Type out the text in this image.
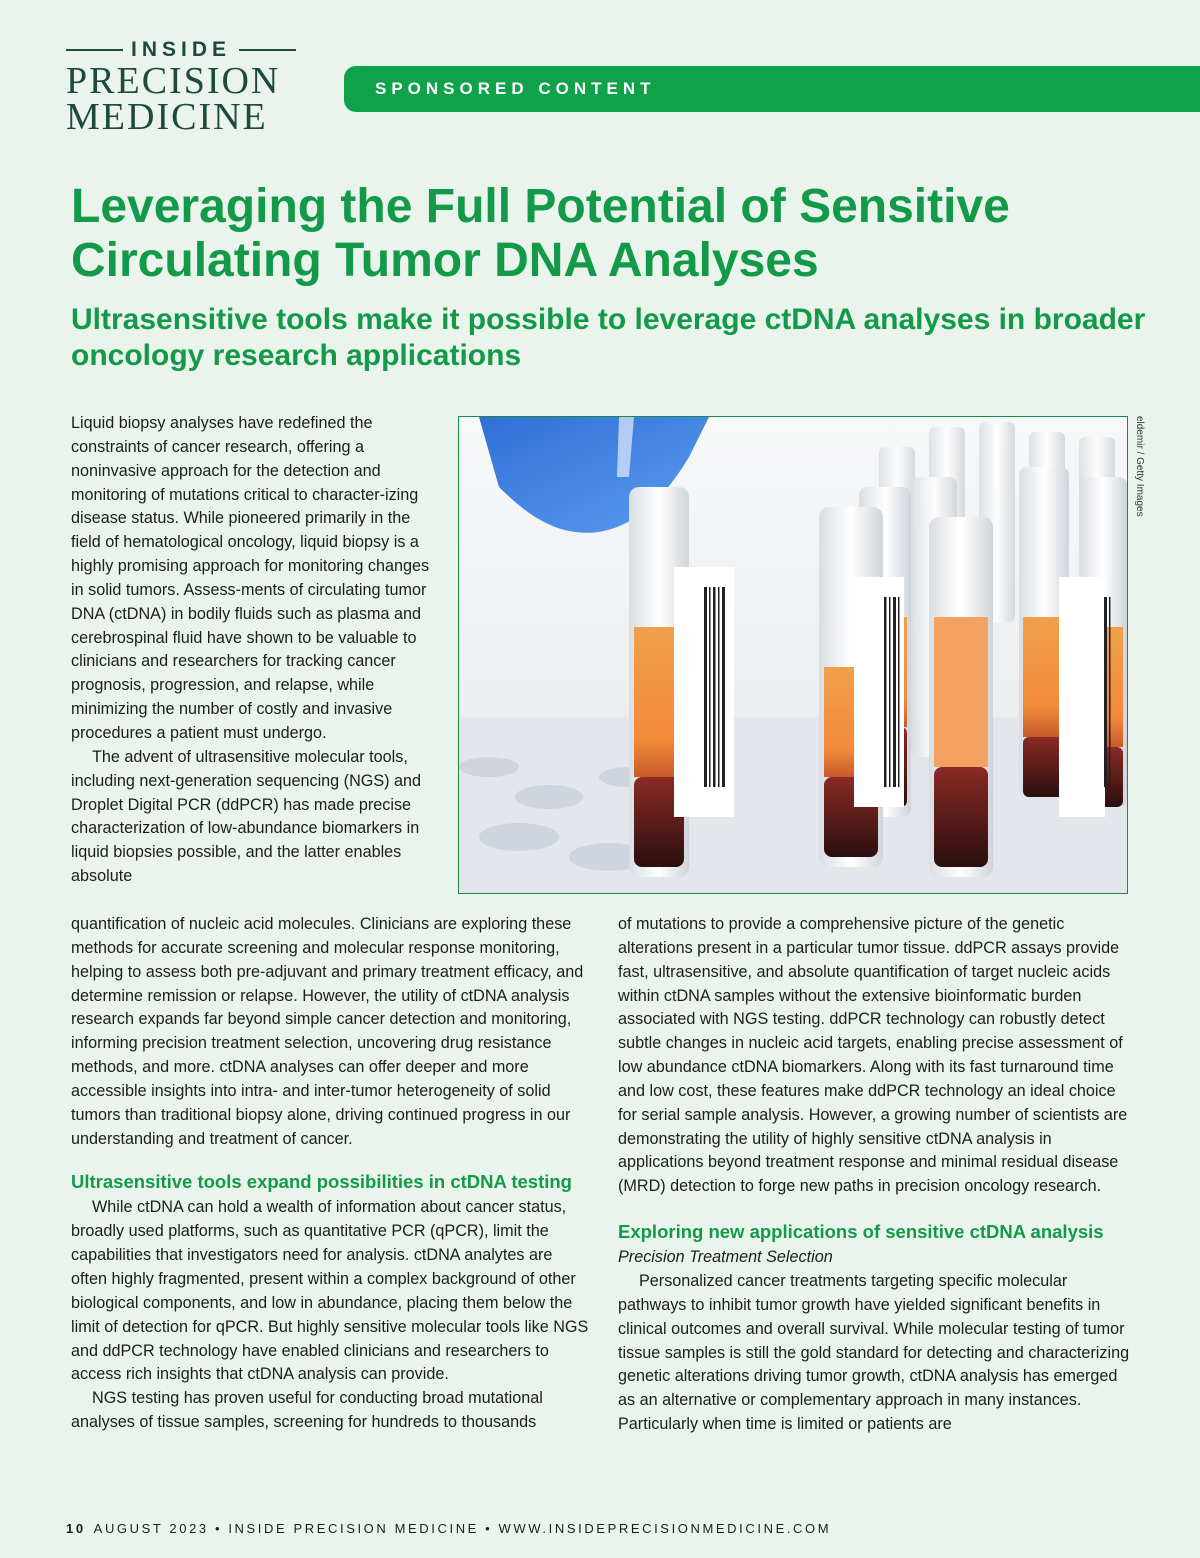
INSIDE
PRECISION
MEDICINE
SPONSORED CONTENT
Leveraging the Full Potential of Sensitive Circulating Tumor DNA Analyses
Ultrasensitive tools make it possible to leverage ctDNA analyses in broader oncology research applications
eldemir / Getty Images

Liquid biopsy analyses have redefined the constraints of cancer research, offering a noninvasive approach for the detection and monitoring of mutations critical to character-izing disease status. While pioneered primarily in the field of hematological oncology, liquid biopsy is a highly promising approach for monitoring changes in solid tumors. Assess-ments of circulating tumor DNA (ctDNA) in bodily fluids such as plasma and cerebrospinal fluid have shown to be valuable to clinicians and researchers for tracking cancer prognosis, progression, and relapse, while minimizing the number of costly and invasive procedures a patient must undergo.

The advent of ultrasensitive molecular tools, including next-generation sequencing (NGS) and Droplet Digital PCR (ddPCR) has made precise characterization of low-abundance biomarkers in liquid biopsies possible, and the latter enables absolute

quantification of nucleic acid molecules. Clinicians are exploring these methods for accurate screening and molecular response monitoring, helping to assess both pre-adjuvant and primary treatment efficacy, and determine remission or relapse. However, the utility of ctDNA analysis research expands far beyond simple cancer detection and monitoring, informing precision treatment selection, uncovering drug resistance methods, and more. ctDNA analyses can offer deeper and more accessible insights into intra- and inter-tumor heterogeneity of solid tumors than traditional biopsy alone, driving continued progress in our understanding and treatment of cancer.

Ultrasensitive tools expand possibilities in ctDNA testing

While ctDNA can hold a wealth of information about cancer status, broadly used platforms, such as quantitative PCR (qPCR), limit the capabilities that investigators need for analysis. ctDNA analytes are often highly fragmented, present within a complex background of other biological components, and low in abundance, placing them below the limit of detection for qPCR. But highly sensitive molecular tools like NGS and ddPCR technology have enabled clinicians and researchers to access rich insights that ctDNA analysis can provide.

NGS testing has proven useful for conducting broad mutational analyses of tissue samples, screening for hundreds to thousands

of mutations to provide a comprehensive picture of the genetic alterations present in a particular tumor tissue. ddPCR assays provide fast, ultrasensitive, and absolute quantification of target nucleic acids within ctDNA samples without the extensive bioinformatic burden associated with NGS testing. ddPCR technology can robustly detect subtle changes in nucleic acid targets, enabling precise assessment of low abundance ctDNA biomarkers. Along with its fast turnaround time and low cost, these features make ddPCR technology an ideal choice for serial sample analysis. However, a growing number of scientists are demonstrating the utility of highly sensitive ctDNA analysis in applications beyond treatment response and minimal residual disease (MRD) detection to forge new paths in precision oncology research.

Exploring new applications of sensitive ctDNA analysis
Precision Treatment Selection

Personalized cancer treatments targeting specific molecular pathways to inhibit tumor growth have yielded significant benefits in clinical outcomes and overall survival. While molecular testing of tumor tissue samples is still the gold standard for detecting and characterizing genetic alterations driving tumor growth, ctDNA analysis has emerged as an alternative or complementary approach in many instances. Particularly when time is limited or patients are

10 AUGUST 2023 • INSIDE PRECISION MEDICINE • WWW.INSIDEPRECISIONMEDICINE.COM
